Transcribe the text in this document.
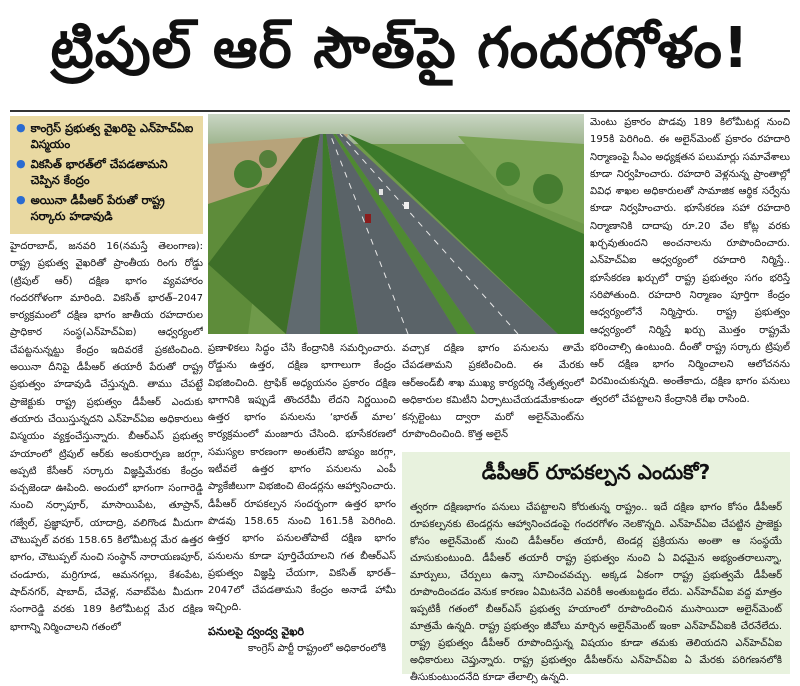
ట్రిపుల్ ఆర్ సౌత్‌పై గందరగోళం!
● కాంగ్రెస్ ప్రభుత్వ వైఖరిపై ఎన్‌హెచ్ఏఐ విస్మయం
● వికసిత్ భారత్‌లో చేపడతామని చెప్పిన కేంద్రం
● అయినా డీపీఆర్ పేరుతో రాష్ట్ర సర్కారు హడావుడి
హైదరాబాద్, జనవరి 16(నమస్తే తెలంగాణ): రాష్ట్ర ప్రభుత్వ వైఖరితో ప్రాంతీయ రింగు రోడ్డు (ట్రిపుల్ ఆర్) దక్షిణ భాగం వ్యవహారం గందరగోళంగా మారింది. వికసిత్ భారత్–2047 కార్యక్రమంలో దక్షిణ భాగం జాతీయ రహదారుల ప్రాధికార సంస్థ(ఎన్‌హెచ్ఏఐ) ఆధ్వర్యంలో చేపట్టనున్నట్టు కేంద్రం ఇదివరకే ప్రకటించింది. అయినా దీనిపై డీపీఆర్ తయారీ పేరుతో రాష్ట్ర ప్రభుత్వం హడావుడి చేస్తున్నది. తాము చేపట్టే ప్రాజెక్టుకు రాష్ట్ర ప్రభుత్వం డీపీఆర్ ఎందుకు తయారు చేయిస్తున్నదని ఎన్‌హెచ్ఏఐ అధికారులు విస్మయం వ్యక్తంచేస్తున్నారు. బీఆర్ఎస్ ప్రభుత్వ హయాంలో ట్రిపుల్ ఆర్‌కు అంకురార్పణ జరగ్గా, అప్పటి కేసీఆర్ సర్కారు విజ్ఞప్తిమేరకు కేంద్రం పచ్చజెండా ఊపింది. అందులో భాగంగా సంగారెడ్డి నుంచి నర్సాపూర్, మాసాయిపేట, తూప్రాన్, గజ్వేల్, ప్రజ్ఞాపూర్, యాదాద్రి, వలిగొండ మీదుగా చౌటుప్పల్ వరకు 158.65 కిలోమీటర్ల మేర ఉత్తర భాగం, చౌటుప్పల్ నుంచి సంస్థాన్ నారాయణపూర్, చండూరు, మర్రిగూడ, ఆమనగల్లు, కేశంపేట, షాద్‌నగర్, షాబాద్, చేవెళ్ల, నవాబ్‌పేట మీదుగా సంగారెడ్డి వరకు 189 కిలోమీటర్ల మేర దక్షిణ భాగాన్ని నిర్మించాలని గతంలో
ప్రణాళికలు సిద్ధం చేసి కేంద్రానికి సమర్పించారు. రోడ్డును ఉత్తర, దక్షిణ భాగాలుగా కేంద్రం విభజించింది. ట్రాఫిక్ అధ్యయనం ప్రకారం దక్షిణ భాగానికి ఇప్పుడే తొందరేమీ లేదని నిర్ణయించి ఉత్తర భాగం పనులను ‘భారత్ మాల’ కార్యక్రమంలో మంజూరు చేసింది. భూసేకరణలో సమస్యల కారణంగా అంతులేని జాప్యం జరగ్గా, ఇటీవలే ఉత్తర భాగం పనులను ఎంపీ ప్యాకేజీలుగా విభజించి టెండర్లను ఆహ్వానించారు. డీపీఆర్ రూపకల్పన సందర్భంగా ఉత్తర భాగం పొడవు 158.65 నుంచి 161.5కి పెరిగింది. ఉత్తర భాగం పనులతోపాటే దక్షిణ భాగం పనులను కూడా పూర్తిచేయాలని గత బీఆర్ఎస్ ప్రభుత్వం విజ్ఞప్తి చేయగా, వికసిత్ భారత్–2047లో చేపడతామని కేంద్రం అనాడే హామీ ఇచ్చింది.
పనులపై ద్వంద్వ వైఖరి
కాంగ్రెస్ పార్టీ రాష్ట్రంలో అధికారంలోకి
వచ్చాక దక్షిణ భాగం పనులను తామే చేపడతామని ప్రకటించింది. ఈ మేరకు ఆర్‌అండ్‌బీ శాఖ ముఖ్య కార్యదర్శి నేతృత్వంలో అధికారుల కమిటీని ఏర్పాటుచేయడమేకాకుండా కన్సల్టెంటు ద్వారా మరో అలైన్‌మెంట్‌ను రూపొందించింది. కొత్త అలైన్
మెంటు ప్రకారం పొడవు 189 కిలోమీటర్ల నుంచి 195కి పెరిగింది. ఈ అలైన్‌మెంట్ ప్రకారం రహదారి నిర్మాణంపై సీఎం అధ్యక్షతన పలుమార్లు సమావేశాలు కూడా నిర్వహించారు. రహదారి వెళ్లనున్న ప్రాంతాల్లో వివిధ శాఖల అధికారులతో సామాజిక ఆర్థిక సర్వేను కూడా నిర్వహించారు. భూసేకరణ సహా రహదారి నిర్మాణానికి దాదాపు రూ.20 వేల కోట్ల వరకు ఖర్చవుతుందని అంచనాలను రూపొందించారు. ఎన్‌హెచ్ఏఐ ఆధ్వర్యంలో రహదారి నిర్మిస్తే.. భూసేకరణ ఖర్చులో రాష్ట్ర ప్రభుత్వం సగం భరిస్తే సరిపోతుంది. రహదారి నిర్మాణం పూర్తిగా కేంద్రం ఆధ్వర్యంలోనే నిర్మిస్తారు. రాష్ట్ర ప్రభుత్వం ఆధ్వర్యంలో నిర్మిస్తే ఖర్చు మొత్తం రాష్ట్రమే భరించాల్సి ఉంటుంది. దీంతో రాష్ట్ర సర్కారు ట్రిపుల్ ఆర్ దక్షిణ భాగం నిర్మించాలని ఆలోచనను విరమించుకున్నది. అంతేకాదు, దక్షిణ భాగం పనులు త్వరలో చేపట్టాలని కేంద్రానికి లేఖ రాసింది.
డీపీఆర్ రూపకల్పన ఎందుకో?
త్వరగా దక్షిణభాగం పనులు చేపట్టాలని కోరుతున్న రాష్ట్రం.. ఇదే దక్షిణ భాగం కోసం డీపీఆర్ రూపకల్పనకు టెండర్లను ఆహ్వానించడంపై గందరగోళం నెలకొన్నది. ఎన్‌హెచ్ఏఐ చేపట్టిన ప్రాజెక్టు కోసం అలైన్‌మెంట్ నుంచి డీపీఆర్‌ల తయారీ, టెండర్ల ప్రక్రియను అంతా ఆ సంస్థయే చూసుకుంటుంది. డీపీఆర్ తయారీ రాష్ట్ర ప్రభుత్వం నుంచి ఏ విధమైన అభ్యంతరాలున్నా, మార్పులు, చేర్పులు ఉన్నా సూచించవచ్చు. అక్కడ ఏకంగా రాష్ట్ర ప్రభుత్వమే డీపీఆర్ రూపొందించడం వెనుక కారణం ఏమిటనేది ఎవరికీ అంతుబట్టడం లేదు. ఎన్‌హెచ్ఏఐ వద్ద మాత్రం ఇప్పటికీ గతంలో బీఆర్ఎస్ ప్రభుత్వ హయాంలో రూపొందించిన ముసాయిదా అలైన్‌మెంట్ మాత్రమే ఉన్నది. రాష్ట్ర ప్రభుత్వం జీవోలు మార్చిన అలైన్‌మెంట్ ఇంకా ఎన్‌హెచ్ఏఐకి చేరనేలేదు. రాష్ట్ర ప్రభుత్వం డీపీఆర్ రూపొందిస్తున్న విషయం కూడా తమకు తెలియదని ఎన్‌హెచ్ఏఐ అధికారులు చెప్తున్నారు. రాష్ట్ర ప్రభుత్వం డీపీఆర్‌ను ఎన్‌హెచ్ఏఐ ఏ మేరకు పరిగణనలోకి తీసుకుంటుందనేది కూడా తేలాల్సి ఉన్నది.
